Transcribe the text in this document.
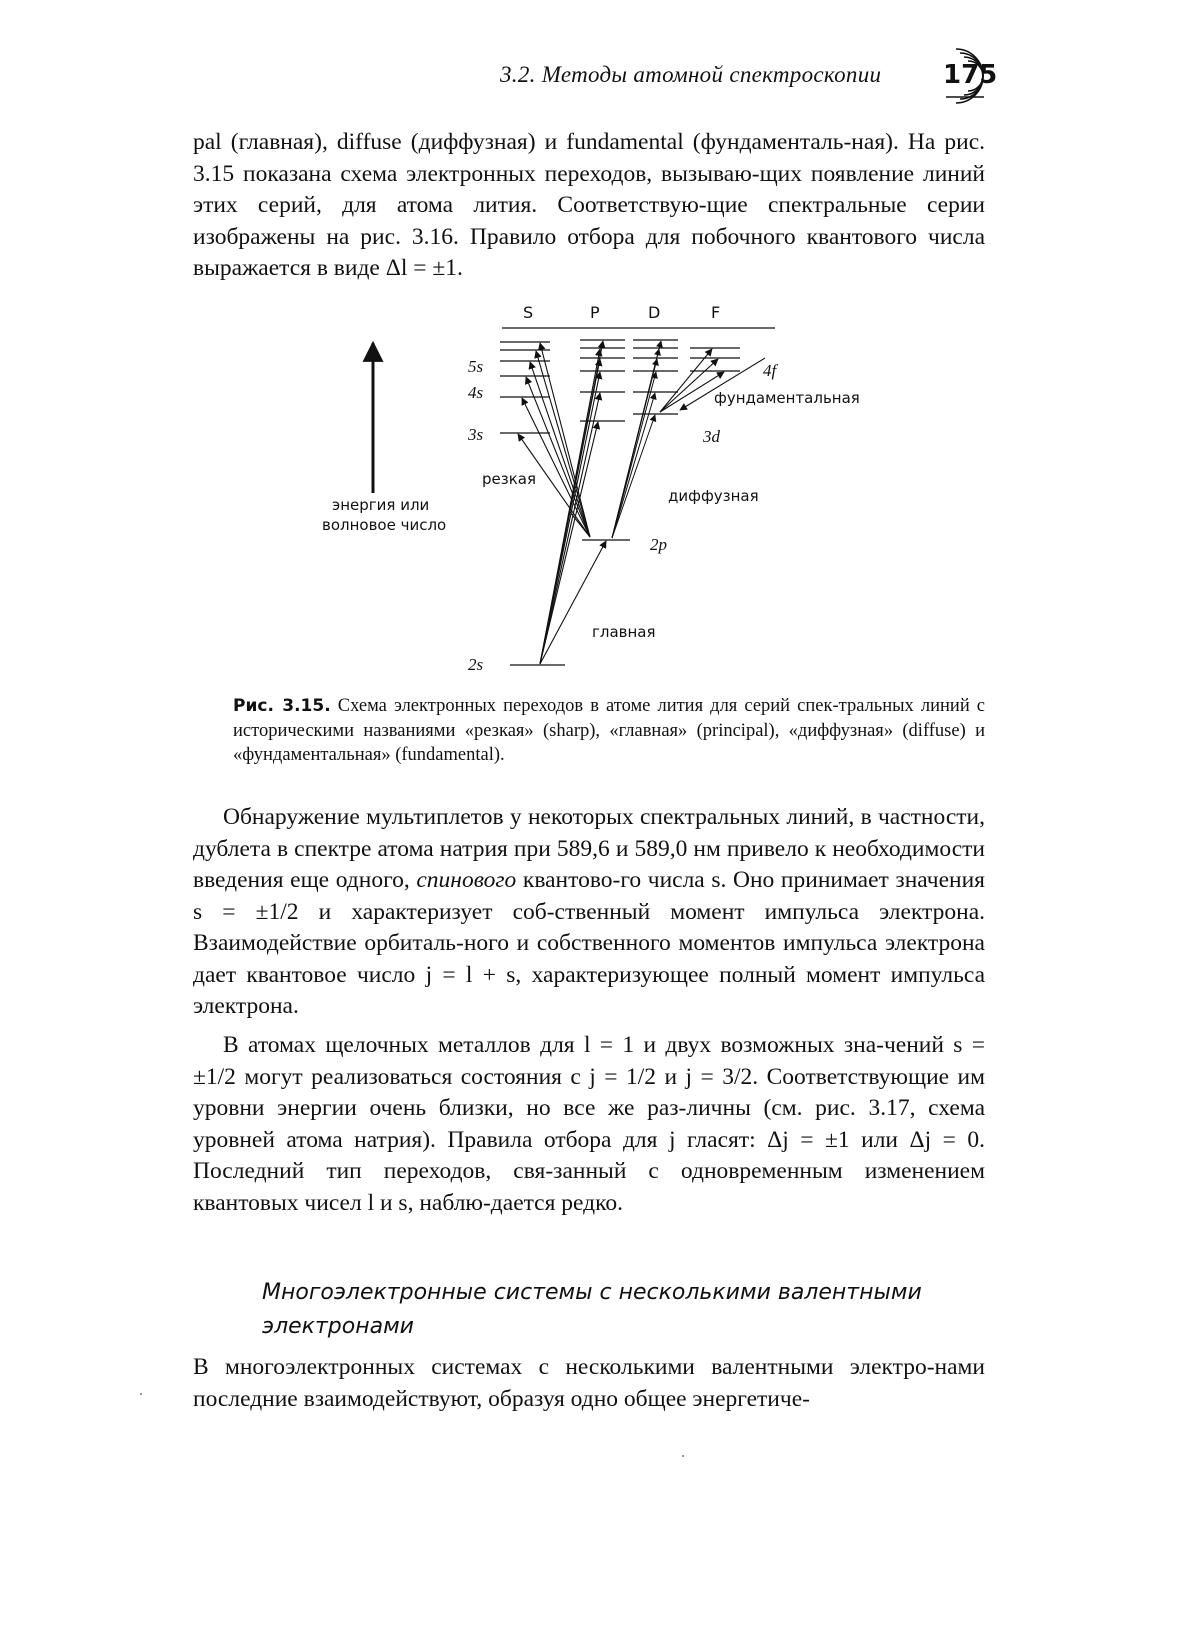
3.2. Методы атомной спектроскопии 175

pal (главная), diffuse (диффузная) и fundamental (фундаменталь-ная). На рис. 3.15 показана схема электронных переходов, вызываю-щих появление линий этих серий, для атома лития. Соответствую-щие спектральные серии изображены на рис. 3.16. Правило отбора для побочного квантового числа выражается в виде Δl = ±1.

энергия или
волновое число
S	P	D	F
5s
4s
3s
2s
2p
3d
4f
резкая
главная
диффузная
фундаментальная

Рис. 3.15. Схема электронных переходов в атоме лития для серий спек-тральных линий с историческими названиями «резкая» (sharp), «главная» (principal), «диффузная» (diffuse) и «фундаментальная» (fundamental).

Обнаружение мультиплетов у некоторых спектральных линий, в частности, дублета в спектре атома натрия при 589,6 и 589,0 нм привело к необходимости введения еще одного, спинового квантово-го числа s. Оно принимает значения s = ±1/2 и характеризует соб-ственный момент импульса электрона. Взаимодействие орбиталь-ного и собственного моментов импульса электрона дает квантовое число j = l + s, характеризующее полный момент импульса электрона.

В атомах щелочных металлов для l = 1 и двух возможных зна-чений s = ±1/2 могут реализоваться состояния с j = 1/2 и j = 3/2. Соответствующие им уровни энергии очень близки, но все же раз-личны (см. рис. 3.17, схема уровней атома натрия). Правила отбора для j гласят: Δj = ±1 или Δj = 0. Последний тип переходов, свя-занный с одновременным изменением квантовых чисел l и s, наблю-дается редко.

Многоэлектронные системы с несколькими валентными электронами

В многоэлектронных системах с несколькими валентными электро-нами последние взаимодействуют, образуя одно общее энергетиче-
